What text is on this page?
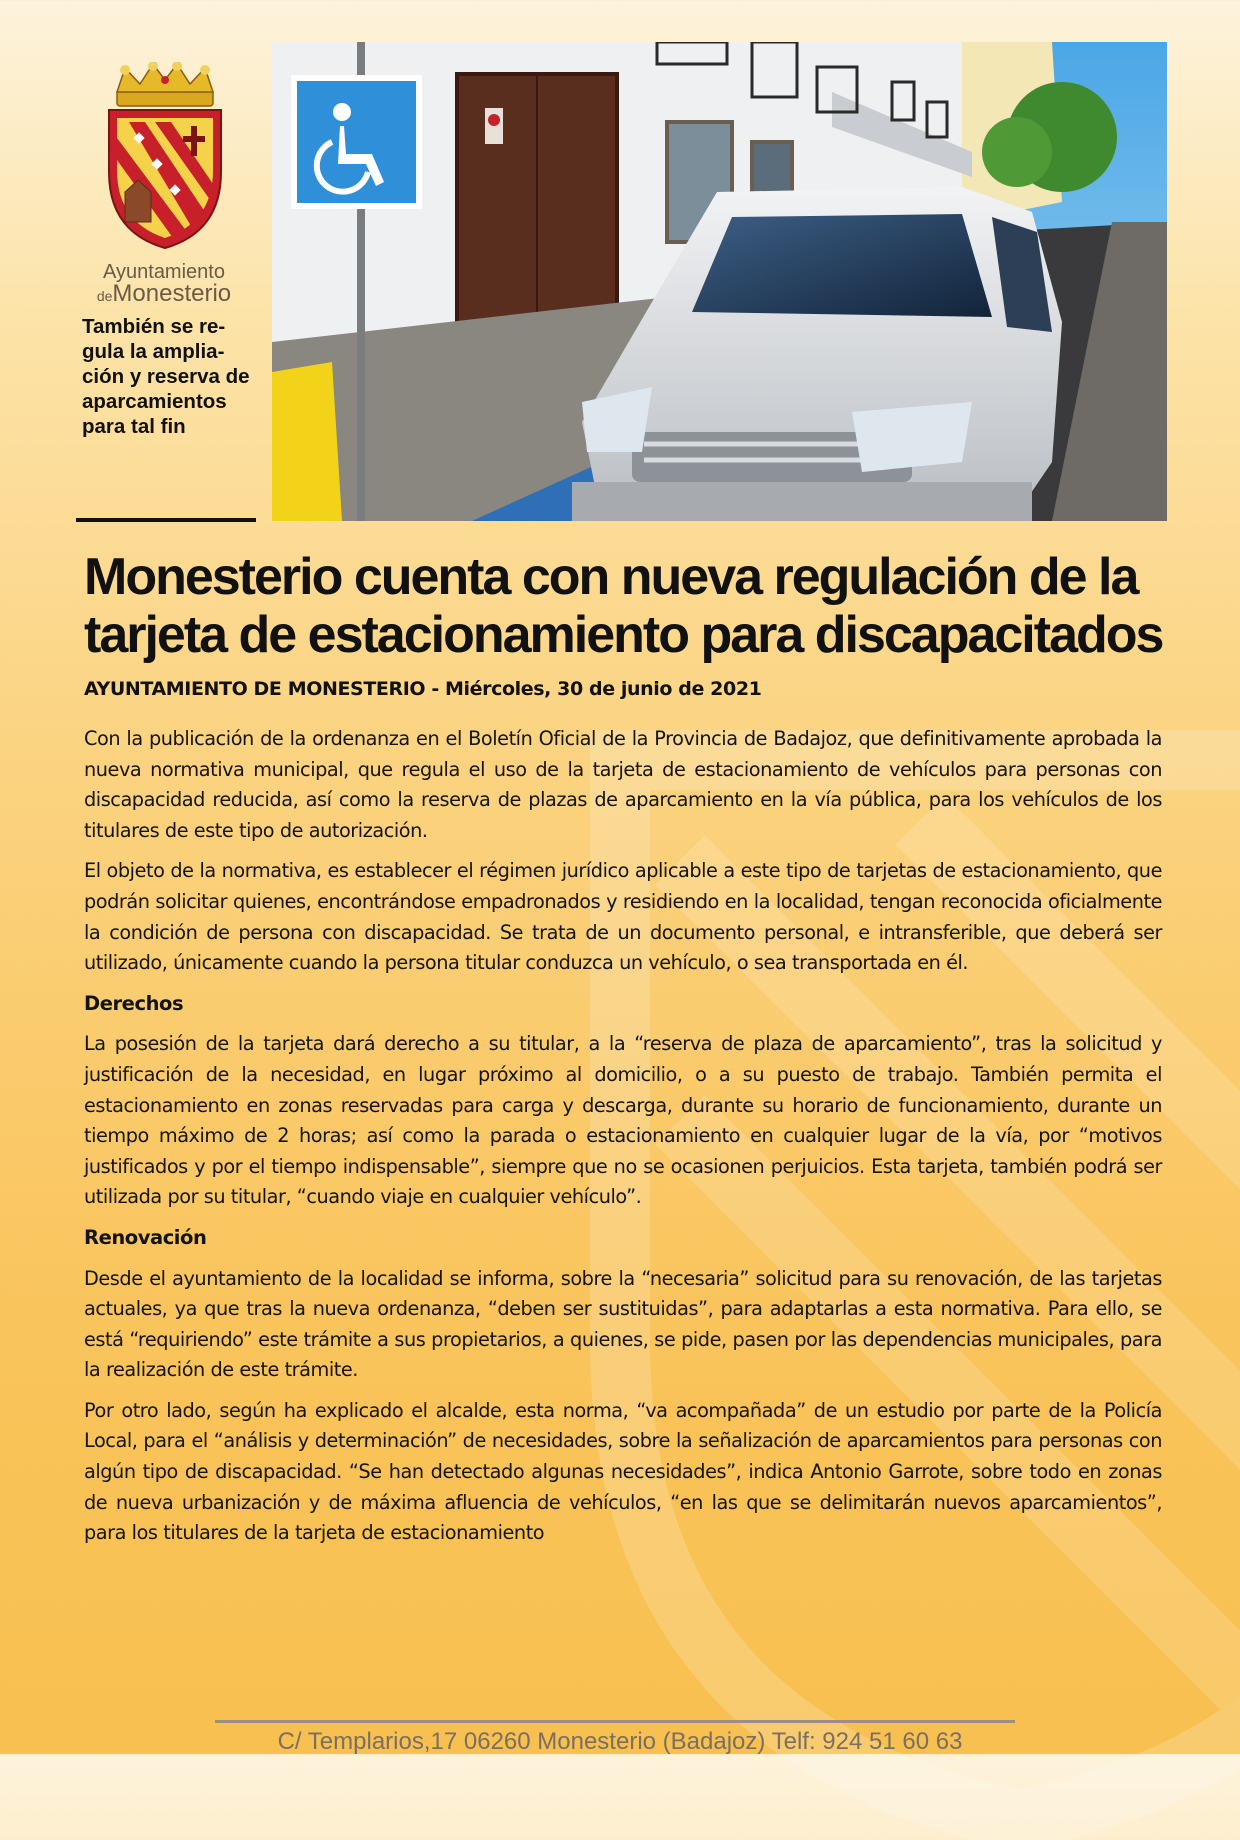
Ayuntamiento
deMonesterio

También se regula la ampliación y reserva de aparcamientos para tal fin

Monesterio cuenta con nueva regulación de la tarjeta de estacionamiento para discapacitados

AYUNTAMIENTO DE MONESTERIO - Miércoles, 30 de junio de 2021

Con la publicación de la ordenanza en el Boletín Oficial de la Provincia de Badajoz, que definitivamente aprobada la nueva normativa municipal, que regula el uso de la tarjeta de estacionamiento de vehículos para personas con discapacidad reducida, así como la reserva de plazas de aparcamiento en la vía pública, para los vehículos de los titulares de este tipo de autorización.

El objeto de la normativa, es establecer el régimen jurídico aplicable a este tipo de tarjetas de estacionamiento, que podrán solicitar quienes, encontrándose empadronados y residiendo en la localidad, tengan reconocida oficialmente la condición de persona con discapacidad. Se trata de un documento personal, e intransferible, que deberá ser utilizado, únicamente cuando la persona titular conduzca un vehículo, o sea transportada en él.

Derechos

La posesión de la tarjeta dará derecho a su titular, a la “reserva de plaza de aparcamiento”, tras la solicitud y justificación de la necesidad, en lugar próximo al domicilio, o a su puesto de trabajo. También permita el estacionamiento en zonas reservadas para carga y descarga, durante su horario de funcionamiento, durante un tiempo máximo de 2 horas; así como la parada o estacionamiento en cualquier lugar de la vía, por “motivos justificados y por el tiempo indispensable”, siempre que no se ocasionen perjuicios. Esta tarjeta, también podrá ser utilizada por su titular, “cuando viaje en cualquier vehículo”.

Renovación

Desde el ayuntamiento de la localidad se informa, sobre la “necesaria” solicitud para su renovación, de las tarjetas actuales, ya que tras la nueva ordenanza, “deben ser sustituidas”, para adaptarlas a esta normativa. Para ello, se está “requiriendo” este trámite a sus propietarios, a quienes, se pide, pasen por las dependencias municipales, para la realización de este trámite.

Por otro lado, según ha explicado el alcalde, esta norma, “va acompañada” de un estudio por parte de la Policía Local, para el “análisis y determinación” de necesidades, sobre la señalización de aparcamientos para personas con algún tipo de discapacidad. “Se han detectado algunas necesidades”, indica Antonio Garrote, sobre todo en zonas de nueva urbanización y de máxima afluencia de vehículos, “en las que se delimitarán nuevos aparcamientos”, para los titulares de la tarjeta de estacionamiento

C/ Templarios,17 06260 Monesterio (Badajoz) Telf: 924 51 60 63
